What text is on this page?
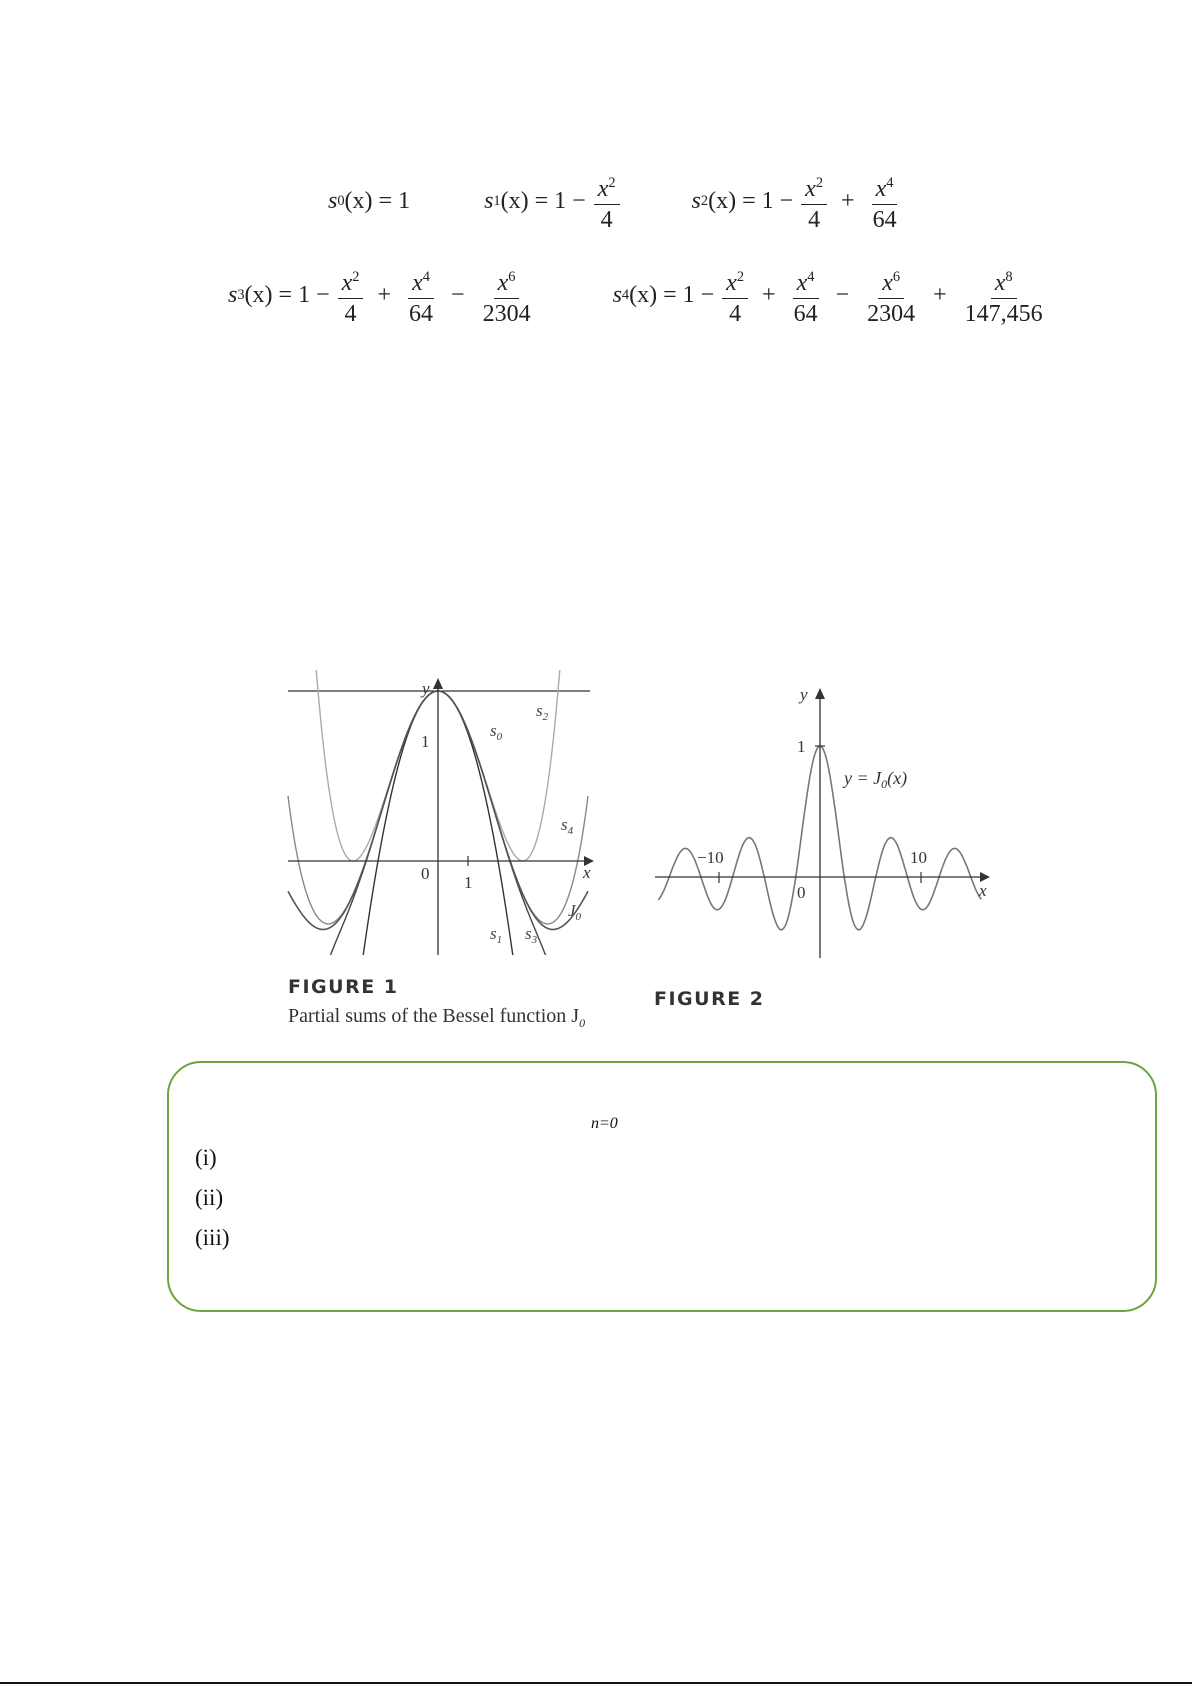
s 0 (x) = 1	s 1 $(x) = 1 - \frac{x^2}{4}$	s 2 $(x) = 1 - \frac{x^2}{4} + \frac{x^4}{64}$
s 3 $(x) = 1 - \frac{x^2}{4} + \frac{x^4}{64} - \frac{x^6}{2304}$	s 4 $(x) = 1 - \frac{x^2}{4} + \frac{x^4}{64} - \frac{x^6}{2304} + \frac{x^8}{147,456}$
y
x
1
1
0
$s_0$
$s_2$
$s_4$
$J_0$
$s_1$ $s_3$
FIGURE 1
Partial sums of the Bessel function $J_0$
y
x
1
−10	10
0
$y = J_0(x)$
FIGURE 2
n=0
(i)
(ii)
(iii)
